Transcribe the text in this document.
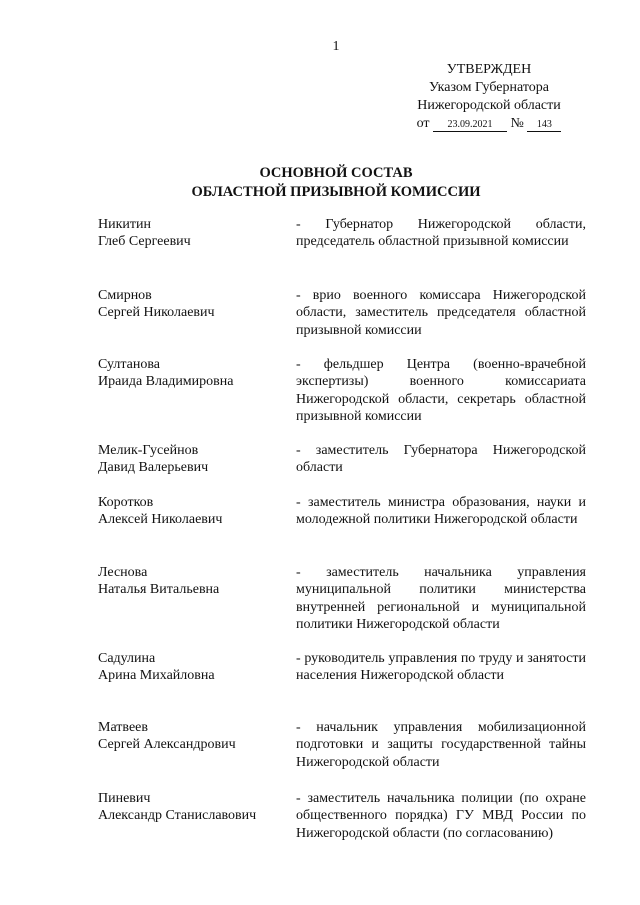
1
УТВЕРЖДЕН
Указом Губернатора
Нижегородской области
от 23.09.2021 № 143
ОСНОВНОЙ СОСТАВ
ОБЛАСТНОЙ ПРИЗЫВНОЙ КОМИССИИ
Никитин
Глеб Сергеевич
- Губернатор Нижегородской области, председатель областной призывной комиссии
Смирнов
Сергей Николаевич
- врио военного комиссара Нижегородской области, заместитель председателя областной призывной комиссии
Султанова
Ираида Владимировна
- фельдшер Центра (военно-врачебной экспертизы) военного комиссариата Нижегородской области, секретарь областной призывной комиссии
Мелик-Гусейнов
Давид Валерьевич
- заместитель Губернатора Нижегородской области
Коротков
Алексей Николаевич
- заместитель министра образования, науки и молодежной политики Нижегородской области
Леснова
Наталья Витальевна
- заместитель начальника управления муниципальной политики министерства внутренней региональной и муниципальной политики Нижегородской области
Садулина
Арина Михайловна
- руководитель управления по труду и занятости населения Нижегородской области
Матвеев
Сергей Александрович
- начальник управления мобилизационной подготовки и защиты государственной тайны Нижегородской области
Пиневич
Александр Станиславович
- заместитель начальника полиции (по охране общественного порядка) ГУ МВД России по Нижегородской области (по согласованию)
